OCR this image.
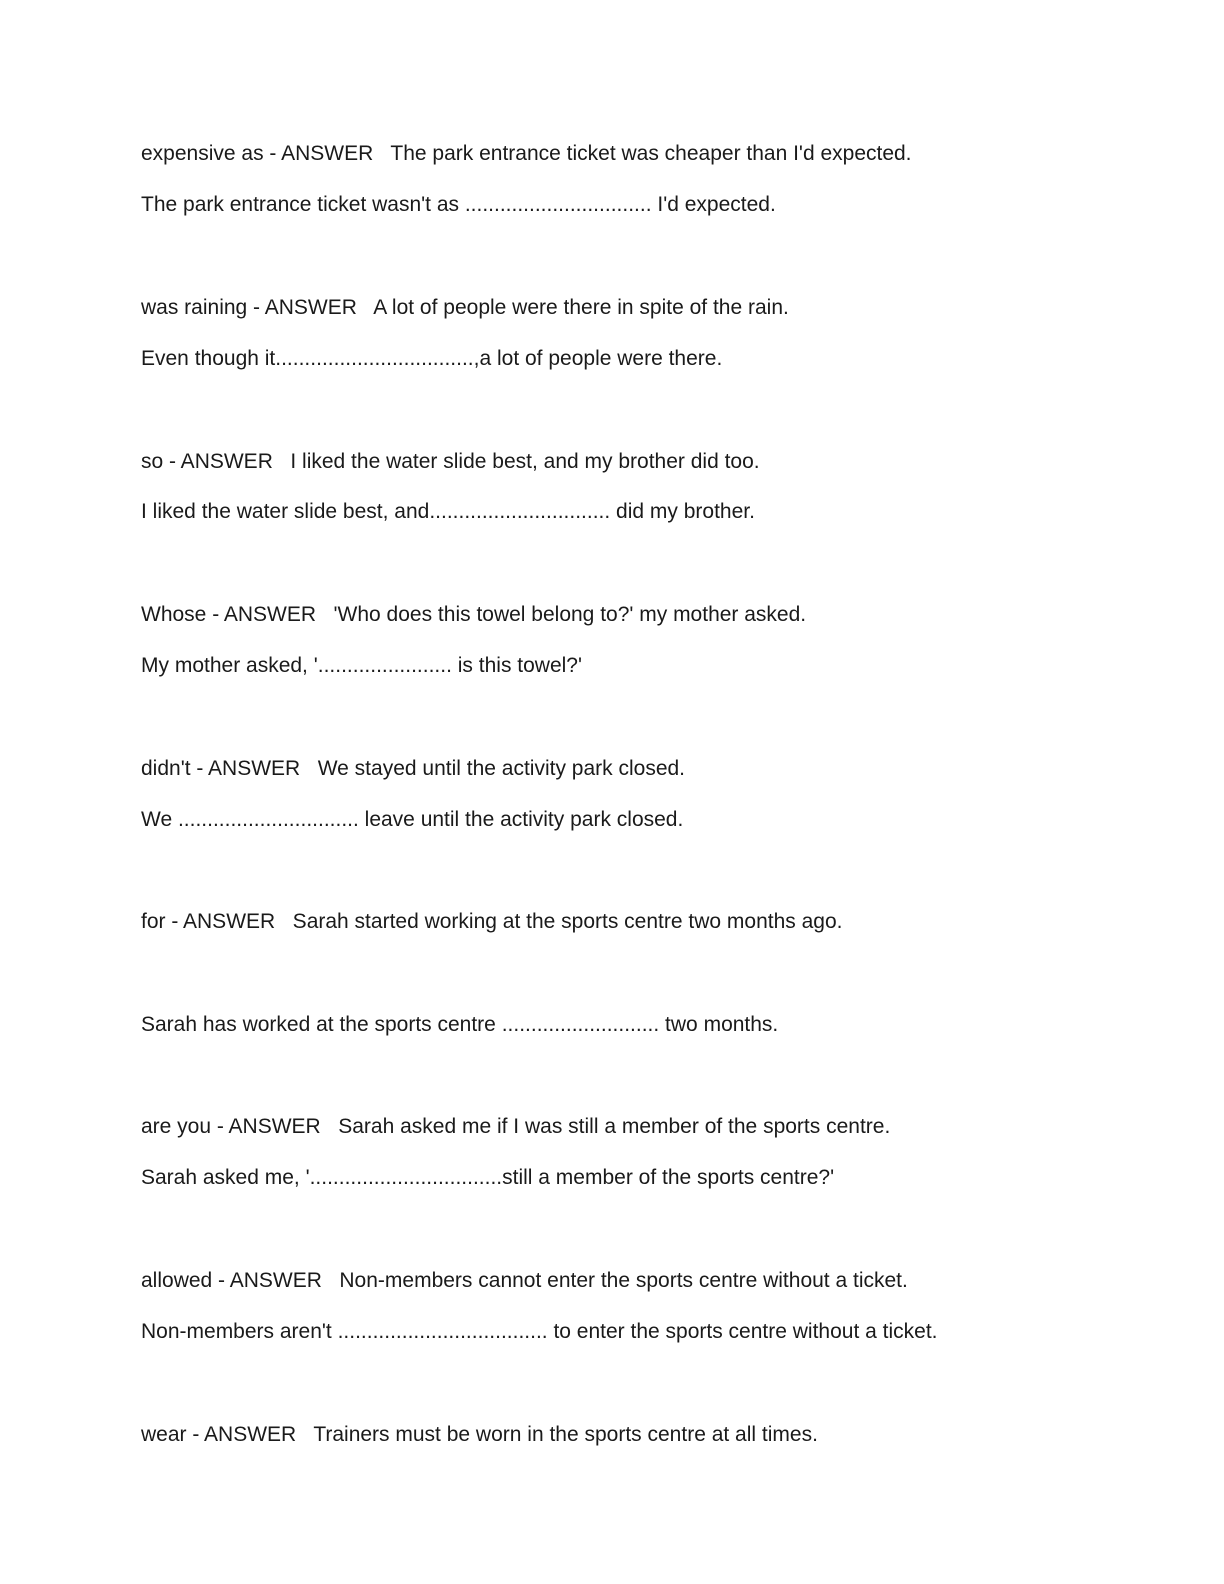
expensive as - ANSWER   The park entrance ticket was cheaper than I'd expected.
The park entrance ticket wasn't as ................................ I'd expected.
was raining - ANSWER   A lot of people were there in spite of the rain.
Even though it..................................,a lot of people were there.
so - ANSWER   I liked the water slide best, and my brother did too.
I liked the water slide best, and............................... did my brother.
Whose - ANSWER   'Who does this towel belong to?' my mother asked.
My mother asked, '....................... is this towel?'
didn't - ANSWER   We stayed until the activity park closed.
We ............................... leave until the activity park closed.
for - ANSWER   Sarah started working at the sports centre two months ago.
Sarah has worked at the sports centre ........................... two months.
are you - ANSWER   Sarah asked me if I was still a member of the sports centre.
Sarah asked me, '.................................still a member of the sports centre?'
allowed - ANSWER   Non-members cannot enter the sports centre without a ticket.
Non-members aren't .................................... to enter the sports centre without a ticket.
wear - ANSWER   Trainers must be worn in the sports centre at all times.
